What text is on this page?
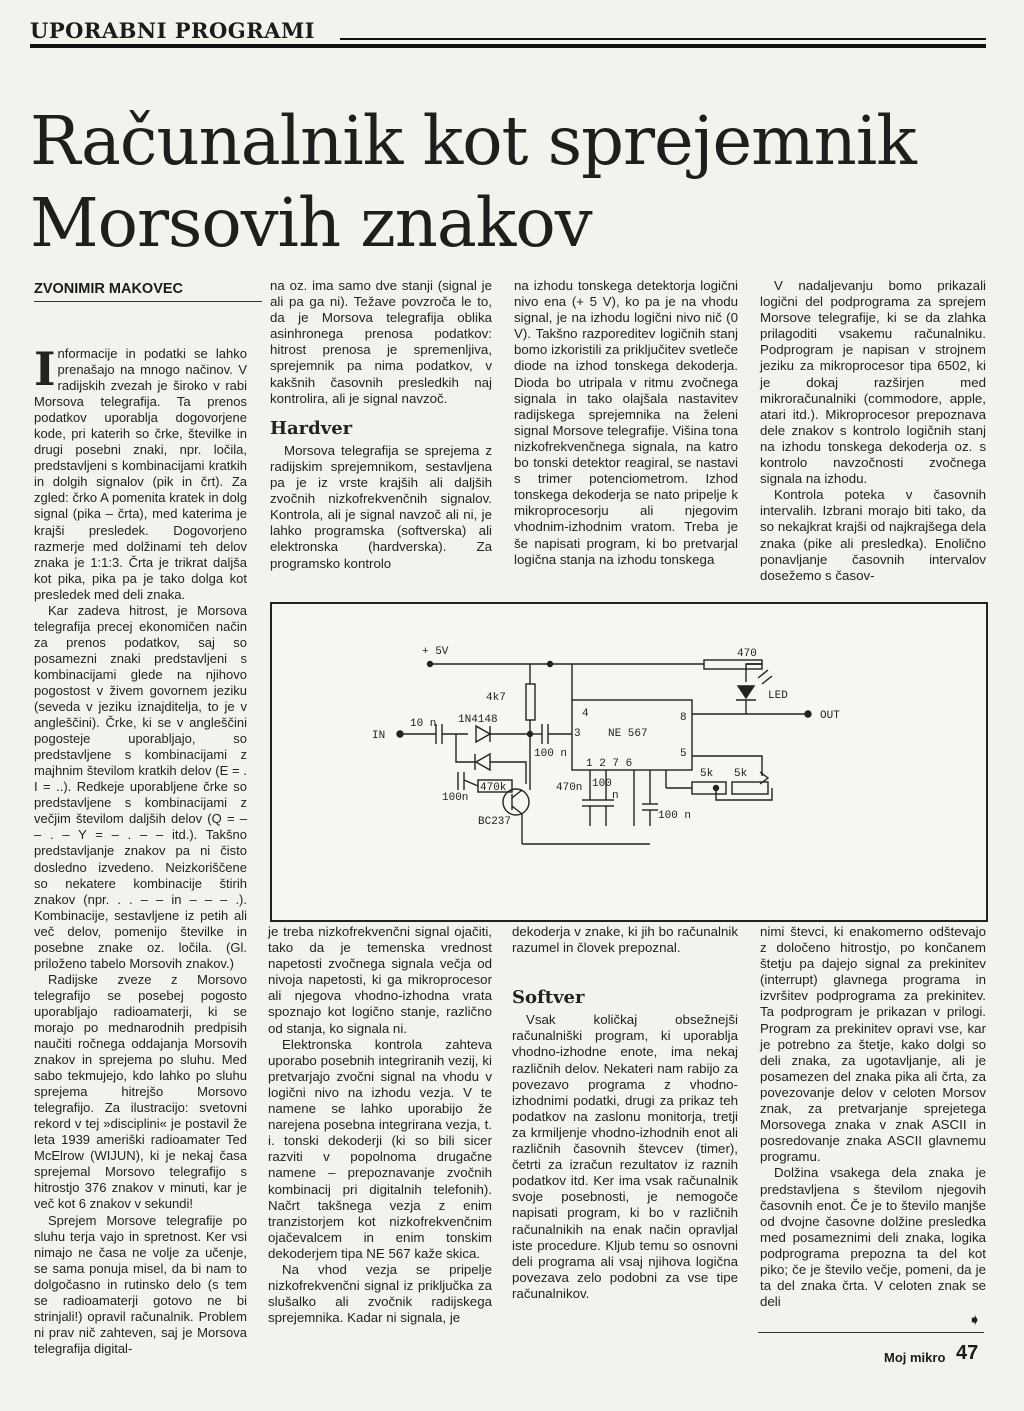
UPORABNI PROGRAMI
Računalnik kot sprejemnik
Morsovih znakov
ZVONIMIR MAKOVEC

Informacije in podatki se lahko prenašajo na mnogo načinov. V radijskih zvezah je široko v rabi Morsova telegrafija. Ta prenos podatkov uporablja dogovorjene kode, pri katerih so črke, številke in drugi posebni znaki, npr. ločila, predstavljeni s kombinacijami kratkih in dolgih signalov (pik in črt). Za zgled: črko A pomenita kratek in dolg signal (pika – črta), med katerima je krajši presledek. Dogovorjeno razmerje med dolžinami teh delov znaka je 1:1:3. Črta je trikrat daljša kot pika, pika pa je tako dolga kot presledek med deli znaka.

Kar zadeva hitrost, je Morsova telegrafija precej ekonomičen način za prenos podatkov, saj so posamezni znaki predstavljeni s kombinacijami glede na njihovo pogostost v živem govornem jeziku (seveda v jeziku iznajditelja, to je v angleščini). Črke, ki se v angleščini pogosteje uporabljajo, so predstavljene s kombinacijami z majhnim številom kratkih delov (E = . I = ..). Redkeje uporabljene črke so predstavljene s kombinacijami z večjim številom daljših delov (Q = – – . – Y = – . – – itd.). Takšno predstavljanje znakov pa ni čisto dosledno izvedeno. Neizkoriščene so nekatere kombinacije štirih znakov (npr. . . – – in – – – .). Kombinacije, sestavljene iz petih ali več delov, pomenijo številke in posebne znake oz. ločila. (Gl. priloženo tabelo Morsovih znakov.)

Radijske zveze z Morsovo telegrafijo se posebej pogosto uporabljajo radioamaterji, ki se morajo po mednarodnih predpisih naučiti ročnega oddajanja Morsovih znakov in sprejema po sluhu. Med sabo tekmujejo, kdo lahko po sluhu sprejema hitrejšo Morsovo telegrafijo. Za ilustracijo: svetovni rekord v tej »disciplini« je postavil že leta 1939 ameriški radioamater Ted McElrow (WIJUN), ki je nekaj časa sprejemal Morsovo telegrafijo s hitrostjo 376 znakov v minuti, kar je več kot 6 znakov v sekundi!

Sprejem Morsove telegrafije po sluhu terja vajo in spretnost. Ker vsi nimajo ne časa ne volje za učenje, se sama ponuja misel, da bi nam to dolgočasno in rutinsko delo (s tem se radioamaterji gotovo ne bi strinjali!) opravil računalnik. Problem ni prav nič zahteven, saj je Morsova telegrafija digital-

na oz. ima samo dve stanji (signal je ali pa ga ni). Težave povzroča le to, da je Morsova telegrafija oblika asinhronega prenosa podatkov: hitrost prenosa je spremenljiva, sprejemnik pa nima podatkov, v kakšnih časovnih presledkih naj kontrolira, ali je signal navzoč.

Hardver

Morsova telegrafija se sprejema z radijskim sprejemnikom, sestavljena pa je iz vrste krajših ali daljših zvočnih nizkofrekvenčnih signalov. Kontrola, ali je signal navzoč ali ni, je lahko programska (softverska) ali elektronska (hardverska). Za programsko kontrolo

na izhodu tonskega detektorja logični nivo ena (+ 5 V), ko pa je na vhodu signal, je na izhodu logični nivo nič (0 V). Takšno razporeditev logičnih stanj bomo izkoristili za priključitev svetleče diode na izhod tonskega dekoderja. Dioda bo utripala v ritmu zvočnega signala in tako olajšala nastavitev radijskega sprejemnika na želeni signal Morsove telegrafije. Višina tona nizkofrekvenčnega signala, na katro bo tonski detektor reagiral, se nastavi s trimer potenciometrom. Izhod tonskega dekoderja se nato pripelje k mikroprocesorju ali njegovim vhodnim-izhodnim vratom. Treba je še napisati program, ki bo pretvarjal logična stanja na izhodu tonskega

V nadaljevanju bomo prikazali logični del podprograma za sprejem Morsove telegrafije, ki se da zlahka prilagoditi vsakemu računalniku. Podprogram je napisan v strojnem jeziku za mikroprocesor tipa 6502, ki je dokaj razširjen med mikroračunalniki (commodore, apple, atari itd.). Mikroprocesor prepoznava dele znakov s kontrolo logičnih stanj na izhodu tonskega dekoderja oz. s kontrolo navzočnosti zvočnega signala na izhodu.

Kontrola poteka v časovnih intervalih. Izbrani morajo biti tako, da so nekajkrat krajši od najkrajšega dela znaka (pike ali presledka). Enolično ponavljanje časovnih intervalov dosežemo s časov-

+ 5V	470
LED
OUT
4k7
NE 567
4	8
3
5
1 2 7 6
IN
10 n 1N4148
100 n
100n
470k
BC237
470n 100
n
100 n
5k 5k

je treba nizkofrekvenčni signal ojačiti, tako da je temenska vrednost napetosti zvočnega signala večja od nivoja napetosti, ki ga mikroprocesor ali njegova vhodno-izhodna vrata spoznajo kot logično stanje, različno od stanja, ko signala ni.

Elektronska kontrola zahteva uporabo posebnih integriranih vezij, ki pretvarjajo zvočni signal na vhodu v logični nivo na izhodu vezja. V te namene se lahko uporabijo že narejena posebna integrirana vezja, t. i. tonski dekoderji (ki so bili sicer razviti v popolnoma drugačne namene – prepoznavanje zvočnih kombinacij pri digitalnih telefonih). Načrt takšnega vezja z enim tranzistorjem kot nizkofrekvenčnim ojačevalcem in enim tonskim dekoderjem tipa NE 567 kaže skica.

Na vhod vezja se pripelje nizkofrekvenčni signal iz priključka za slušalko ali zvočnik radijskega sprejemnika. Kadar ni signala, je

dekoderja v znake, ki jih bo računalnik razumel in človek prepoznal.

Softver

Vsak količkaj obsežnejši računalniški program, ki uporablja vhodno-izhodne enote, ima nekaj različnih delov. Nekateri nam rabijo za povezavo programa z vhodno-izhodnimi podatki, drugi za prikaz teh podatkov na zaslonu monitorja, tretji za krmiljenje vhodno-izhodnih enot ali različnih časovnih števcev (timer), četrti za izračun rezultatov iz raznih podatkov itd. Ker ima vsak računalnik svoje posebnosti, je nemogoče napisati program, ki bo v različnih računalnikih na enak način opravljal iste procedure. Kljub temu so osnovni deli programa ali vsaj njihova logična povezava zelo podobni za vse tipe računalnikov.

nimi števci, ki enakomerno odštevajo z določeno hitrostjo, po končanem štetju pa dajejo signal za prekinitev (interrupt) glavnega programa in izvršitev podprograma za prekinitev. Ta podprogram je prikazan v prilogi. Program za prekinitev opravi vse, kar je potrebno za štetje, kako dolgi so deli znaka, za ugotavljanje, ali je posamezen del znaka pika ali črta, za povezovanje delov v celoten Morsov znak, za pretvarjanje sprejetega Morsovega znaka v znak ASCII in posredovanje znaka ASCII glavnemu programu.

Dolžina vsakega dela znaka je predstavljena s številom njegovih časovnih enot. Če je to število manjše od dvojne časovne dolžine presledka med posameznimi deli znaka, logika podprograma prepozna ta del kot piko; če je število večje, pomeni, da je ta del znaka črta. V celoten znak se deli

➧
Moj mikro 47
